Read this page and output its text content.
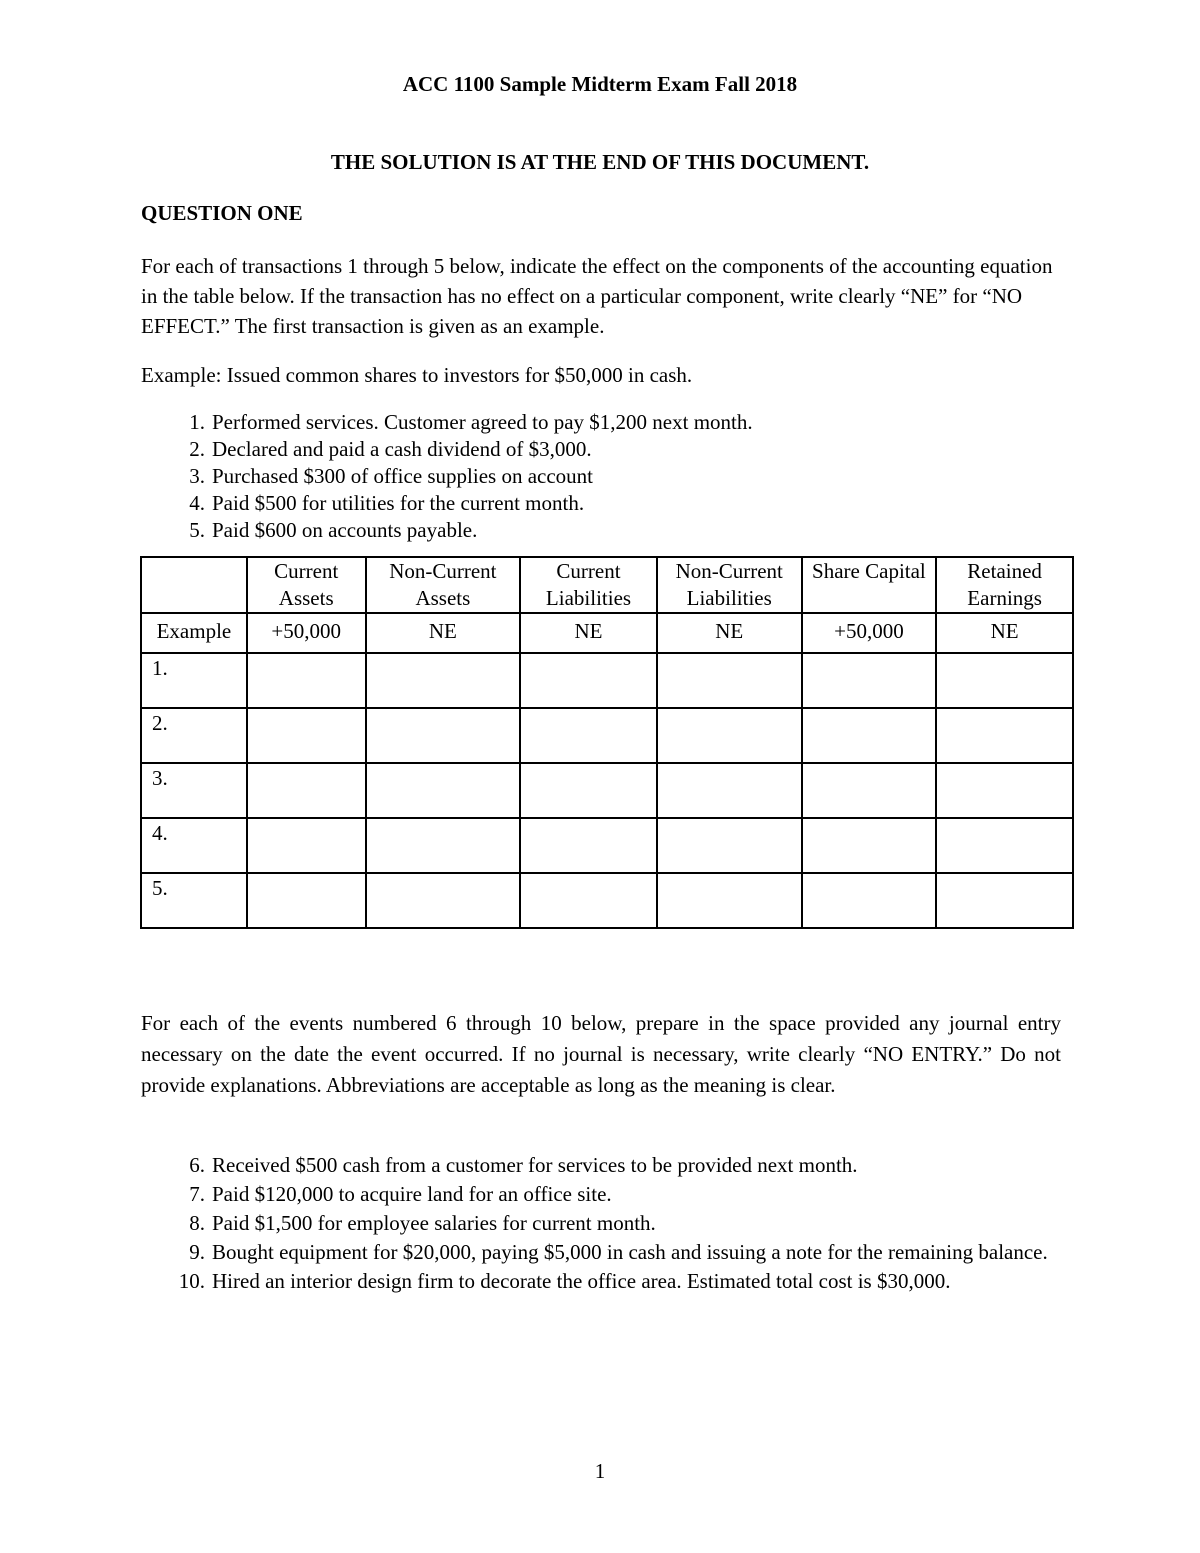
ACC 1100 Sample Midterm Exam Fall 2018
THE SOLUTION IS AT THE END OF THIS DOCUMENT.
QUESTION ONE
For each of transactions 1 through 5 below, indicate the effect on the components of the accounting equation in the table below. If the transaction has no effect on a particular component, write clearly “NE” for “NO EFFECT.” The first transaction is given as an example.
Example: Issued common shares to investors for $50,000 in cash.
1. Performed services. Customer agreed to pay $1,200 next month.
2. Declared and paid a cash dividend of $3,000.
3. Purchased $300 of office supplies on account
4. Paid $500 for utilities for the current month.
5. Paid $600 on accounts payable.
	Current Assets	Non-Current Assets	Current Liabilities	Non-Current Liabilities	Share Capital	Retained Earnings
Example	+50,000	NE	NE	NE	+50,000	NE
1.						
2.						
3.						
4.						
5.						
For each of the events numbered 6 through 10 below, prepare in the space provided any journal entry necessary on the date the event occurred. If no journal is necessary, write clearly “NO ENTRY.” Do not provide explanations. Abbreviations are acceptable as long as the meaning is clear.
6. Received $500 cash from a customer for services to be provided next month.
7. Paid $120,000 to acquire land for an office site.
8. Paid $1,500 for employee salaries for current month.
9. Bought equipment for $20,000, paying $5,000 in cash and issuing a note for the remaining balance.
10. Hired an interior design firm to decorate the office area. Estimated total cost is $30,000.
1
